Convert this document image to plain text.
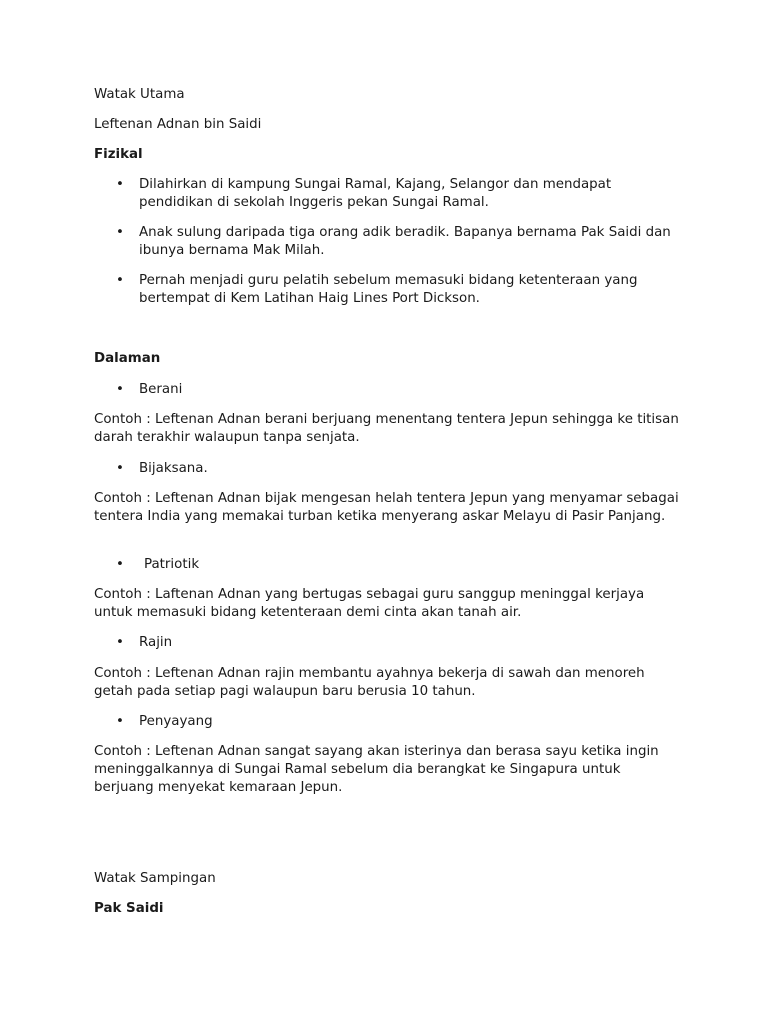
Watak Utama

Leftenan Adnan bin Saidi

Fizikal

•	Dilahirkan di kampung Sungai Ramal, Kajang, Selangor dan mendapat pendidikan di sekolah Inggeris pekan Sungai Ramal.

•	Anak sulung daripada tiga orang adik beradik. Bapanya bernama Pak Saidi dan ibunya bernama Mak Milah.

•	Pernah menjadi guru pelatih sebelum memasuki bidang ketenteraan yang bertempat di Kem Latihan Haig Lines Port Dickson.

Dalaman

•	Berani

Contoh : Leftenan Adnan berani berjuang menentang tentera Jepun sehingga ke titisan darah terakhir walaupun tanpa senjata.

•	Bijaksana.

Contoh : Leftenan Adnan bijak mengesan helah tentera Jepun yang menyamar sebagai tentera India yang memakai turban ketika menyerang askar Melayu di Pasir Panjang.

•	Patriotik

Contoh : Laftenan Adnan yang bertugas sebagai guru sanggup meninggal kerjaya untuk memasuki bidang ketenteraan demi cinta akan tanah air.

•	Rajin

Contoh : Leftenan Adnan rajin membantu ayahnya bekerja di sawah dan menoreh getah pada setiap pagi walaupun baru berusia 10 tahun.

•	Penyayang

Contoh : Leftenan Adnan sangat sayang akan isterinya dan berasa sayu ketika ingin meninggalkannya di Sungai Ramal sebelum dia berangkat ke Singapura untuk berjuang menyekat kemaraan Jepun.

Watak Sampingan

Pak Saidi
